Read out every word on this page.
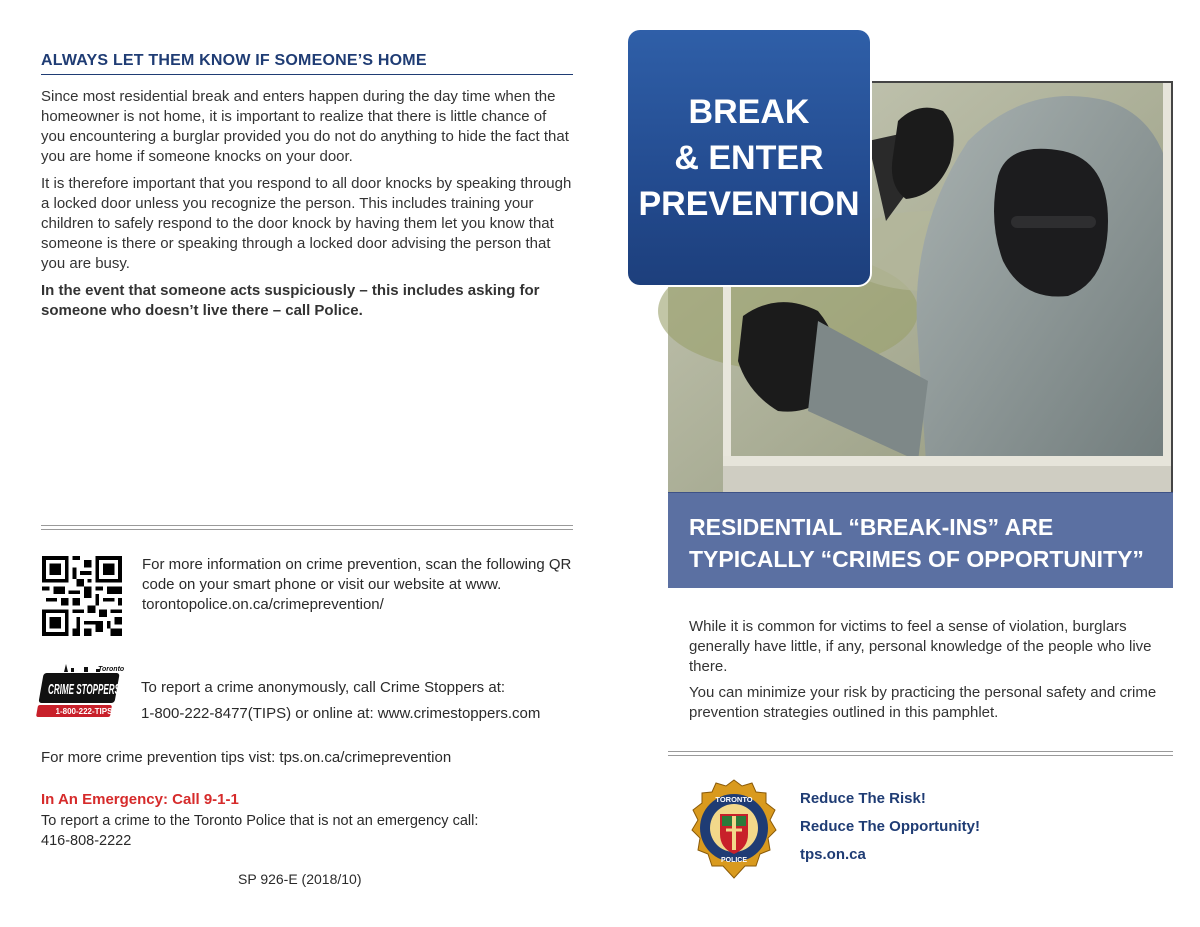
ALWAYS LET THEM KNOW IF SOMEONE’S HOME
Since most residential break and enters happen during the day time when the homeowner is not home, it is important to realize that there is little chance of you encountering a burglar provided you do not do anything to hide the fact that you are home if someone knocks on your door.
It is therefore important that you respond to all door knocks by speaking through a locked door unless you recognize the person. This includes training your children to safely respond to the door knock by having them let you know that someone is there or speaking through a locked door advising the person that you are busy.
In the event that someone acts suspiciously – this includes asking for someone who doesn’t live there – call Police.
For more information on crime prevention, scan the following QR code on your smart phone or visit our website at www. torontopolice.on.ca/crimeprevention/
Toronto
CRIME STOPPERS
1-800-222-TIPS
To report a crime anonymously, call Crime Stoppers at:
1-800-222-8477(TIPS) or online at: www.crimestoppers.com
For more crime prevention tips vist: tps.on.ca/crimeprevention
In An Emergency: Call 9-1-1
To report a crime to the Toronto Police that is not an emergency call:
416-808-2222
SP 926-E (2018/10)
BREAK
& ENTER
PREVENTION
RESIDENTIAL “BREAK-INS” ARE
TYPICALLY “CRIMES OF OPPORTUNITY”
While it is common for victims to feel a sense of violation, burglars generally have little, if any, personal knowledge of the people who live there.
You can minimize your risk by practicing the personal safety and crime prevention strategies outlined in this pamphlet.
TORONTO
POLICE
Reduce The Risk!
Reduce The Opportunity!
tps.on.ca
